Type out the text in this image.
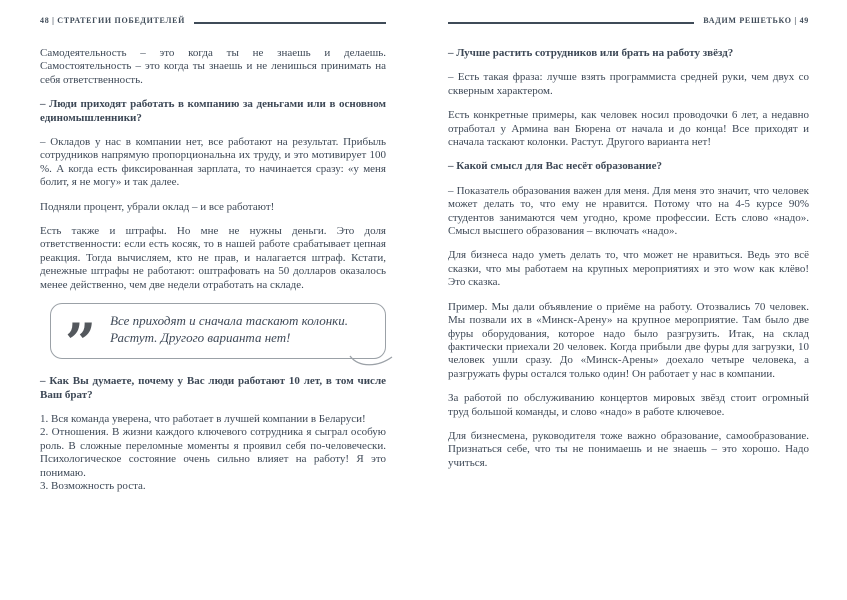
48 | СТРАТЕГИИ ПОБЕДИТЕЛЕЙ

Самодеятельность – это когда ты не знаешь и делаешь. Самостоятельность – это когда ты знаешь и не ленишься принимать на себя ответственность.

– Люди приходят работать в компанию за деньгами или в основном единомышленники?

– Окладов у нас в компании нет, все работают на результат. Прибыль сотрудников напрямую пропорциональна их труду, и это мотивирует 100 %. А когда есть фиксированная зарплата, то начинается сразу: «у меня болит, я не могу» и так далее.

Подняли процент, убрали оклад – и все работают!

Есть также и штрафы. Но мне не нужны деньги. Это доля ответственности: если есть косяк, то в нашей работе срабатывает цепная реакция. Тогда вычисляем, кто не прав, и налагается штраф. Кстати, денежные штрафы не работают: оштрафовать на 50 долларов оказалось менее действенно, чем две недели отработать на складе.

” Все приходят и сначала таскают колонки. Растут. Другого варианта нет!

– Как Вы думаете, почему у Вас люди работают 10 лет, в том числе Ваш брат?

1. Вся команда уверена, что работает в лучшей компании в Беларуси!

2. Отношения. В жизни каждого ключевого сотрудника я сыграл особую роль. В сложные переломные моменты я проявил себя по-человечески. Психологическое состояние очень сильно влияет на работу! Я это понимаю.

3. Возможность роста.

ВАДИМ РЕШЕТЬКО | 49

– Лучше растить сотрудников или брать на работу звёзд?

– Есть такая фраза: лучше взять программиста средней руки, чем двух со скверным характером.

Есть конкретные примеры, как человек носил проводочки 6 лет, а недавно отработал у Армина ван Бюрена от начала и до конца! Все приходят и сначала таскают колонки. Растут. Другого варианта нет!

– Какой смысл для Вас несёт образование?

– Показатель образования важен для меня. Для меня это значит, что человек может делать то, что ему не нравится. Потому что на 4-5 курсе 90% студентов занимаются чем угодно, кроме профессии. Есть слово «надо». Смысл высшего образования – включать «надо».

Для бизнеса надо уметь делать то, что может не нравиться. Ведь это всё сказки, что мы работаем на крупных мероприятиях и это wow как клёво! Это сказка.

Пример. Мы дали объявление о приёме на работу. Отозвались 70 человек. Мы позвали их в «Минск-Арену» на крупное мероприятие. Там было две фуры оборудования, которое надо было разгрузить. Итак, на склад фактически приехали 20 человек. Когда прибыли две фуры для загрузки, 10 человек ушли сразу. До «Минск-Арены» доехало четыре человека, а разгружать фуры остался только один! Он работает у нас в компании.

За работой по обслуживанию концертов мировых звёзд стоит огромный труд большой команды, и слово «надо» в работе ключевое.

Для бизнесмена, руководителя тоже важно образование, самообразование. Признаться себе, что ты не понимаешь и не знаешь – это хорошо. Надо учиться.
